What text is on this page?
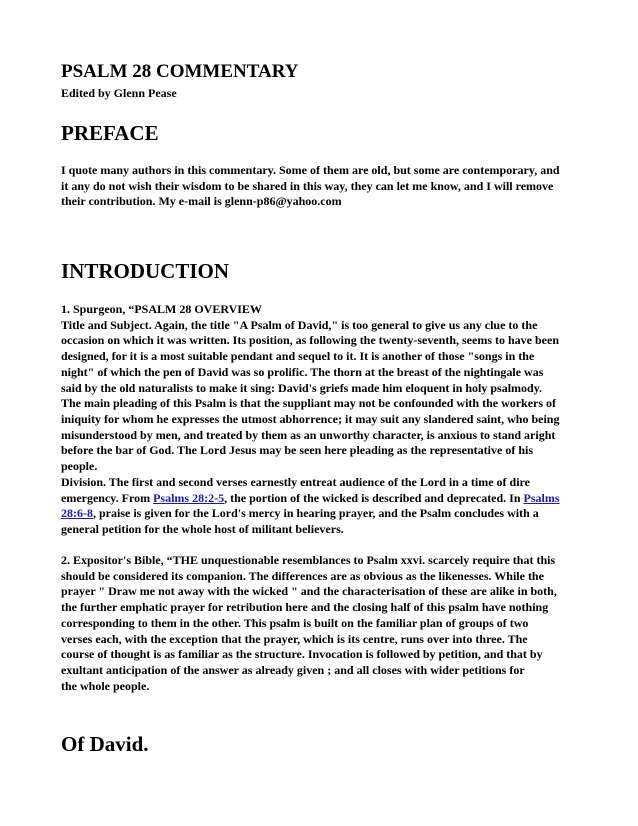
PSALM 28 COMMENTARY

Edited by Glenn Pease

PREFACE

I quote many authors in this commentary. Some of them are old, but some are contemporary, and
it any do not wish their wisdom to be shared in this way, they can let me know, and I will remove
their contribution. My e-mail is glenn-p86@yahoo.com

INTRODUCTION

1. Spurgeon, “PSALM 28 OVERVIEW
Title and Subject. Again, the title "A Psalm of David," is too general to give us any clue to the
occasion on which it was written. Its position, as following the twenty-seventh, seems to have been
designed, for it is a most suitable pendant and sequel to it. It is another of those "songs in the
night" of which the pen of David was so prolific. The thorn at the breast of the nightingale was
said by the old naturalists to make it sing: David's griefs made him eloquent in holy psalmody.
The main pleading of this Psalm is that the suppliant may not be confounded with the workers of
iniquity for whom he expresses the utmost abhorrence; it may suit any slandered saint, who being
misunderstood by men, and treated by them as an unworthy character, is anxious to stand aright
before the bar of God. The Lord Jesus may be seen here pleading as the representative of his
people.

Division. The first and second verses earnestly entreat audience of the Lord in a time of dire
emergency. From Psalms 28:2-5, the portion of the wicked is described and deprecated. In Psalms
28:6-8, praise is given for the Lord's mercy in hearing prayer, and the Psalm concludes with a
general petition for the whole host of militant believers.

2. Expositor's Bible, “THE unquestionable resemblances to Psalm xxvi. scarcely require that this
should be considered its companion. The differences are as obvious as the likenesses. While the
prayer " Draw me not away with the wicked " and the characterisation of these are alike in both,
the further emphatic prayer for retribution here and the closing half of this psalm have nothing
corresponding to them in the other. This psalm is built on the familiar plan of groups of two
verses each, with the exception that the prayer, which is its centre, runs over into three. The
course of thought is as familiar as the structure. Invocation is followed by petition, and that by
exultant anticipation of the answer as already given ; and all closes with wider petitions for
the whole people.

Of David.
